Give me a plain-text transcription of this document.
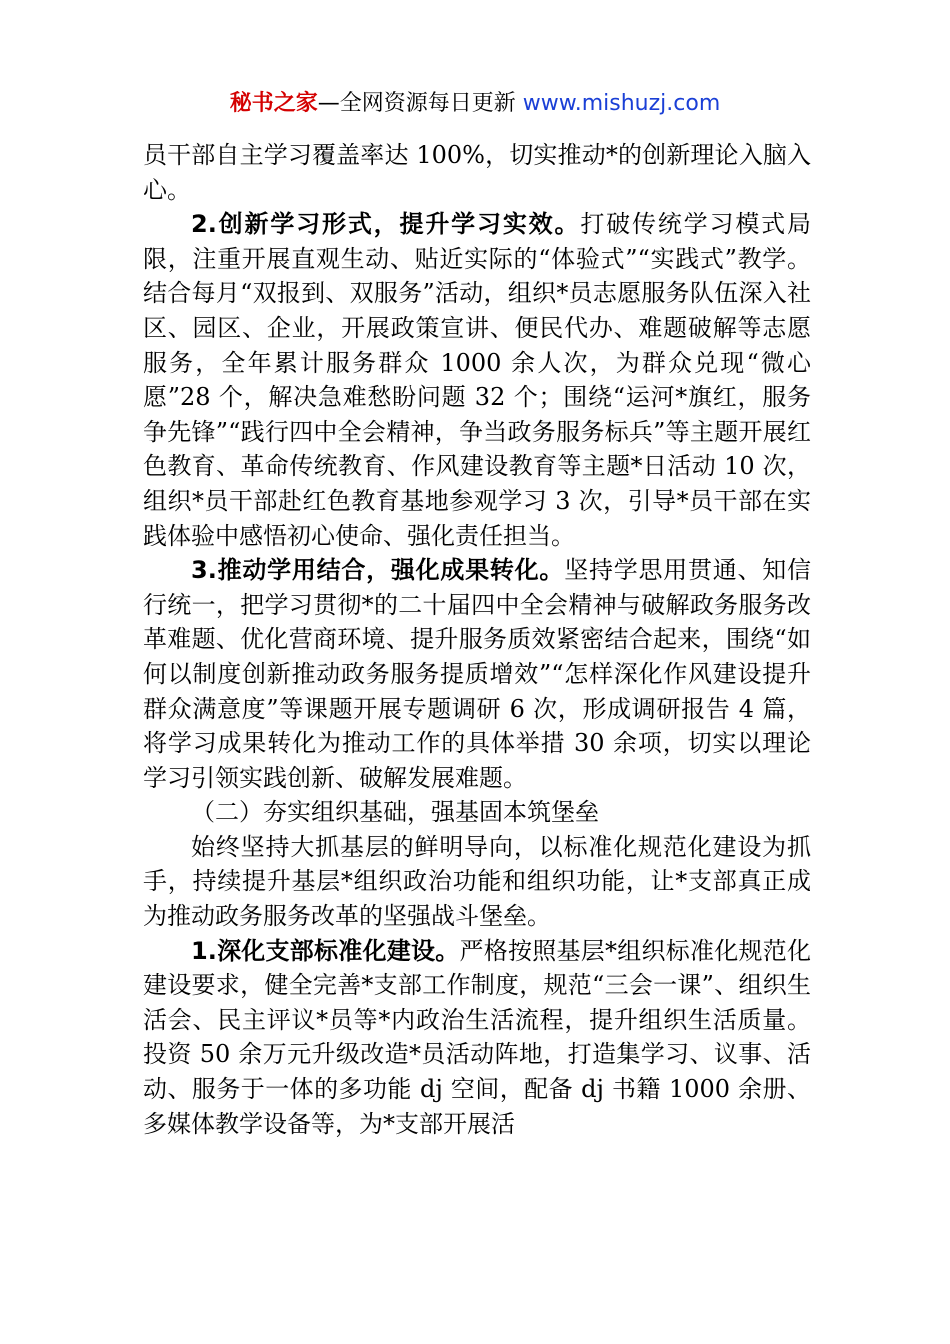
秘书之家—全网资源每日更新 www.mishuzj.com

员干部自主学习覆盖率达 100%，切实推动*的创新理论入脑入心。

2.创新学习形式，提升学习实效。打破传统学习模式局限，注重开展直观生动、贴近实际的“体验式”“实践式”教学。结合每月“双报到、双服务”活动，组织*员志愿服务队伍深入社区、园区、企业，开展政策宣讲、便民代办、难题破解等志愿服务，全年累计服务群众 1000 余人次，为群众兑现“微心愿”28 个，解决急难愁盼问题 32 个；围绕“运河*旗红，服务争先锋”“践行四中全会精神，争当政务服务标兵”等主题开展红色教育、革命传统教育、作风建设教育等主题*日活动 10 次，组织*员干部赴红色教育基地参观学习 3 次，引导*员干部在实践体验中感悟初心使命、强化责任担当。

3.推动学用结合，强化成果转化。坚持学思用贯通、知信行统一，把学习贯彻*的二十届四中全会精神与破解政务服务改革难题、优化营商环境、提升服务质效紧密结合起来，围绕“如何以制度创新推动政务服务提质增效”“怎样深化作风建设提升群众满意度”等课题开展专题调研 6 次，形成调研报告 4 篇，将学习成果转化为推动工作的具体举措 30 余项，切实以理论学习引领实践创新、破解发展难题。

（二）夯实组织基础，强基固本筑堡垒

始终坚持大抓基层的鲜明导向，以标准化规范化建设为抓手，持续提升基层*组织政治功能和组织功能，让*支部真正成为推动政务服务改革的坚强战斗堡垒。

1.深化支部标准化建设。严格按照基层*组织标准化规范化建设要求，健全完善*支部工作制度，规范“三会一课”、组织生活会、民主评议*员等*内政治生活流程，提升组织生活质量。投资 50 余万元升级改造*员活动阵地，打造集学习、议事、活动、服务于一体的多功能 dj 空间，配备 dj 书籍 1000 余册、多媒体教学设备等，为*支部开展活
